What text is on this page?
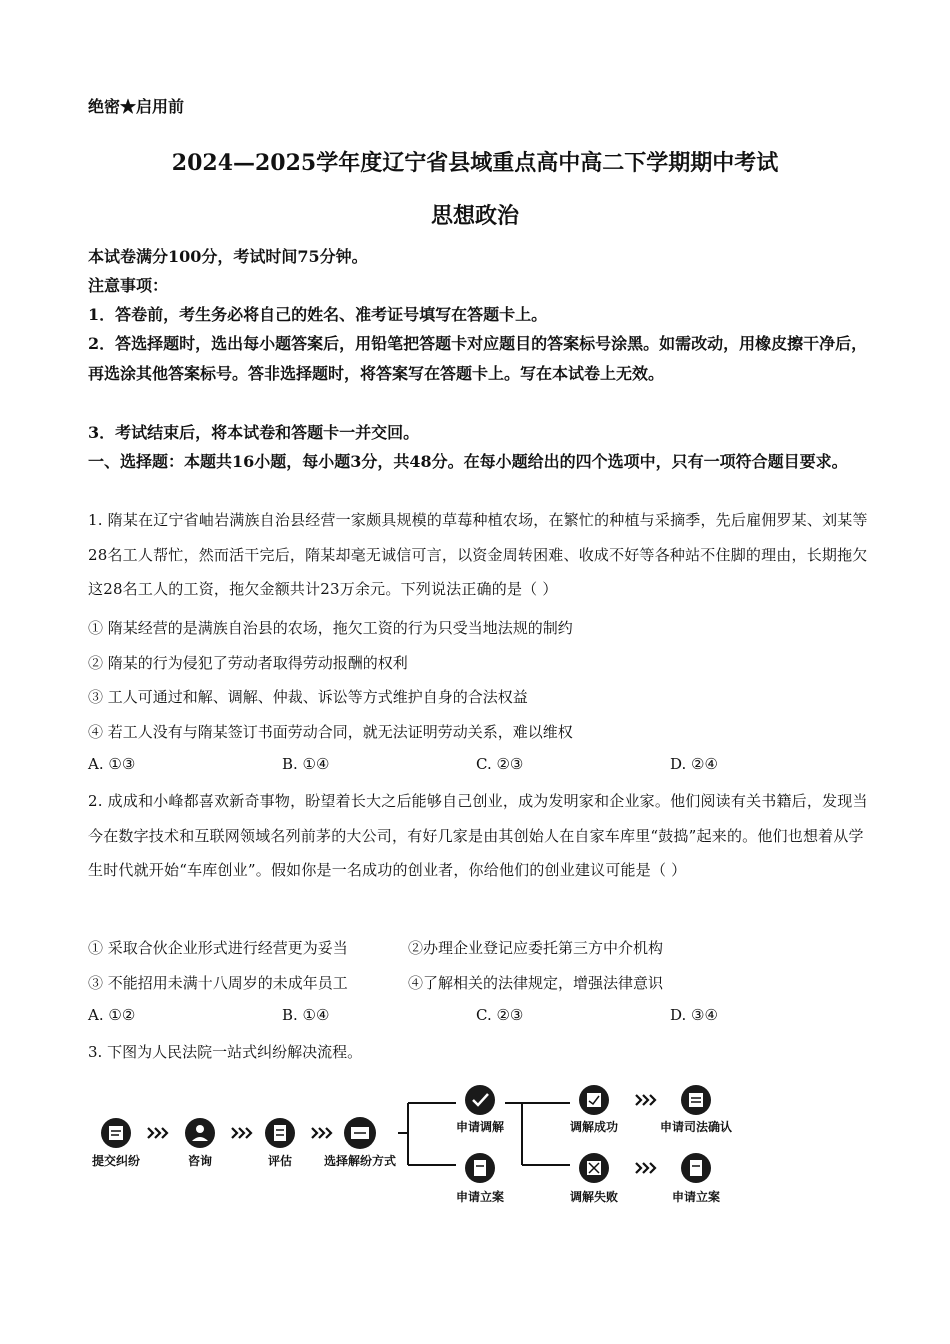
绝密★启用前
2024—2025学年度辽宁省县域重点高中高二下学期期中考试
思想政治
本试卷满分100分，考试时间75分钟。
注意事项：
1．答卷前，考生务必将自己的姓名、准考证号填写在答题卡上。
2．答选择题时，选出每小题答案后，用铅笔把答题卡对应题目的答案标号涂黑。如需改动，用橡皮擦干净后，再选涂其他答案标号。答非选择题时，将答案写在答题卡上。写在本试卷上无效。
3．考试结束后，将本试卷和答题卡一并交回。
一、选择题：本题共16小题，每小题3分，共48分。在每小题给出的四个选项中，只有一项符合题目要求。
1. 隋某在辽宁省岫岩满族自治县经营一家颇具规模的草莓种植农场，在繁忙的种植与采摘季，先后雇佣罗某、刘某等28名工人帮忙，然而活干完后，隋某却毫无诚信可言，以资金周转困难、收成不好等各种站不住脚的理由，长期拖欠这28名工人的工资，拖欠金额共计23万余元。下列说法正确的是（ ）
① 隋某经营的是满族自治县的农场，拖欠工资的行为只受当地法规的制约
② 隋某的行为侵犯了劳动者取得劳动报酬的权利
③ 工人可通过和解、调解、仲裁、诉讼等方式维护自身的合法权益
④ 若工人没有与隋某签订书面劳动合同，就无法证明劳动关系，难以维权
A. ①③	B. ①④	C. ②③	D. ②④
2. 成成和小峰都喜欢新奇事物，盼望着长大之后能够自己创业，成为发明家和企业家。他们阅读有关书籍后，发现当今在数字技术和互联网领域名列前茅的大公司，有好几家是由其创始人在自家车库里“鼓捣”起来的。他们也想着从学生时代就开始“车库创业”。假如你是一名成功的创业者，你给他们的创业建议可能是（ ）
① 采取合伙企业形式进行经营更为妥当	②办理企业登记应委托第三方中介机构
③ 不能招用未满十八周岁的未成年员工	④了解相关的法律规定，增强法律意识
A. ①②	B. ①④	C. ②③	D. ③④
3. 下图为人民法院一站式纠纷解决流程。
提交纠纷	咨询	评估	选择解纷方式
申请调解
申请立案
调解成功
调解失败
申请司法确认
申请立案
